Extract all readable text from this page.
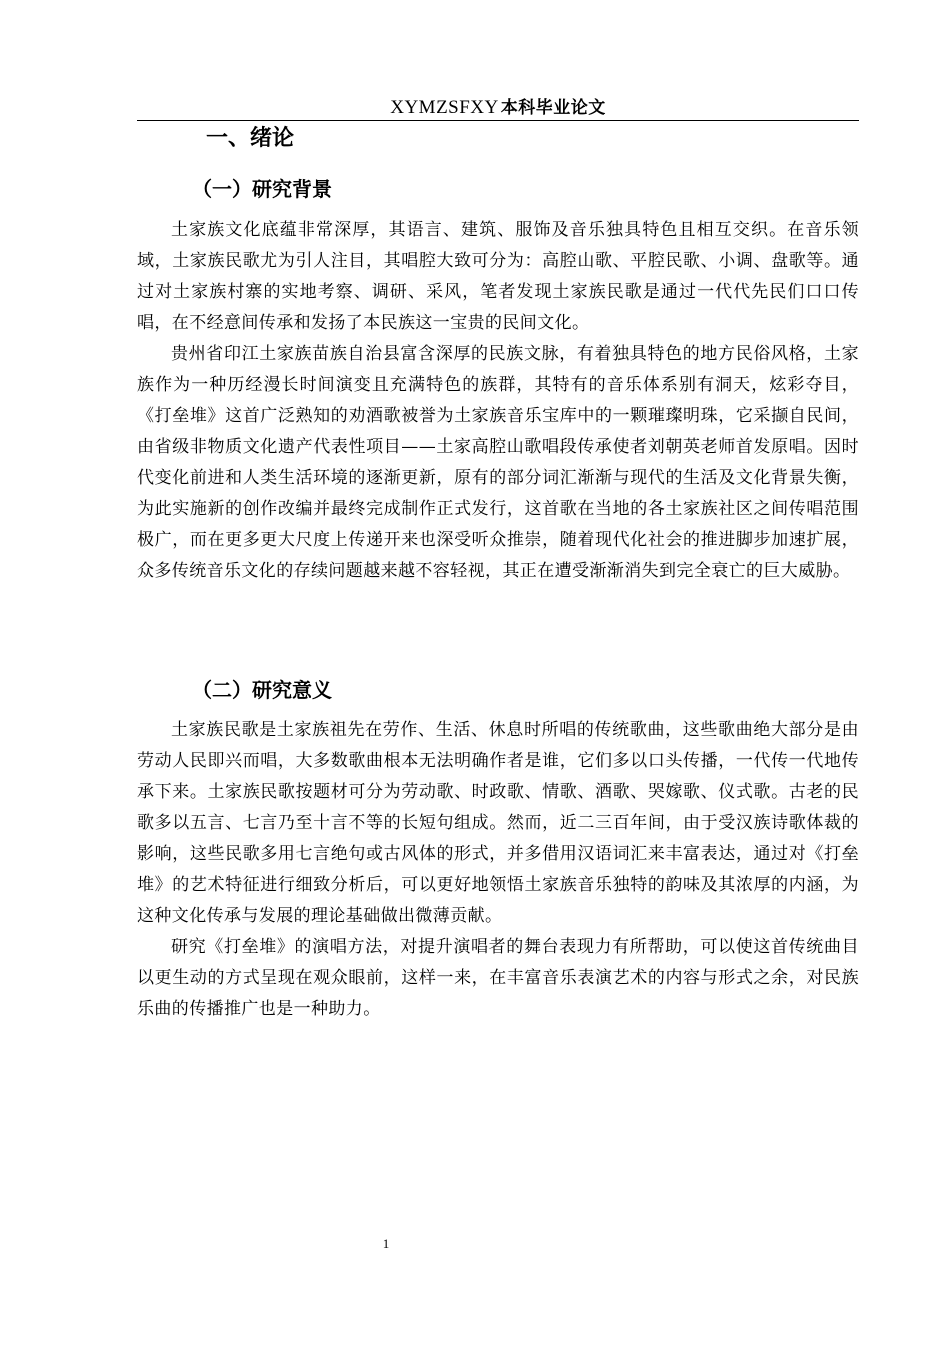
XYMZSFXY 本科毕业论文
一、绪论
（一）研究背景

土家族文化底蕴非常深厚，其语言、建筑、服饰及音乐独具特色且相互交织。在音乐领域，土家族民歌尤为引人注目，其唱腔大致可分为：高腔山歌、平腔民歌、小调、盘歌等。通过对土家族村寨的实地考察、调研、采风，笔者发现土家族民歌是通过一代代先民们口口传唱，在不经意间传承和发扬了本民族这一宝贵的民间文化。

贵州省印江土家族苗族自治县富含深厚的民族文脉，有着独具特色的地方民俗风格，土家族作为一种历经漫长时间演变且充满特色的族群，其特有的音乐体系别有洞天，炫彩夺目，《打垒堆》这首广泛熟知的劝酒歌被誉为土家族音乐宝库中的一颗璀璨明珠，它采撷自民间，由省级非物质文化遗产代表性项目——土家高腔山歌唱段传承使者刘朝英老师首发原唱。因时代变化前进和人类生活环境的逐渐更新，原有的部分词汇渐渐与现代的生活及文化背景失衡，为此实施新的创作改编并最终完成制作正式发行，这首歌在当地的各土家族社区之间传唱范围极广，而在更多更大尺度上传递开来也深受听众推崇，随着现代化社会的推进脚步加速扩展，众多传统音乐文化的存续问题越来越不容轻视，其正在遭受渐渐消失到完全衰亡的巨大威胁。

（二）研究意义

土家族民歌是土家族祖先在劳作、生活、休息时所唱的传统歌曲，这些歌曲绝大部分是由劳动人民即兴而唱，大多数歌曲根本无法明确作者是谁，它们多以口头传播，一代传一代地传承下来。土家族民歌按题材可分为劳动歌、时政歌、情歌、酒歌、哭嫁歌、仪式歌。古老的民歌多以五言、七言乃至十言不等的长短句组成。然而，近二三百年间，由于受汉族诗歌体裁的影响，这些民歌多用七言绝句或古风体的形式，并多借用汉语词汇来丰富表达，通过对《打垒堆》的艺术特征进行细致分析后，可以更好地领悟土家族音乐独特的韵味及其浓厚的内涵，为这种文化传承与发展的理论基础做出微薄贡献。

研究《打垒堆》的演唱方法，对提升演唱者的舞台表现力有所帮助，可以使这首传统曲目以更生动的方式呈现在观众眼前，这样一来，在丰富音乐表演艺术的内容与形式之余，对民族乐曲的传播推广也是一种助力。

1
